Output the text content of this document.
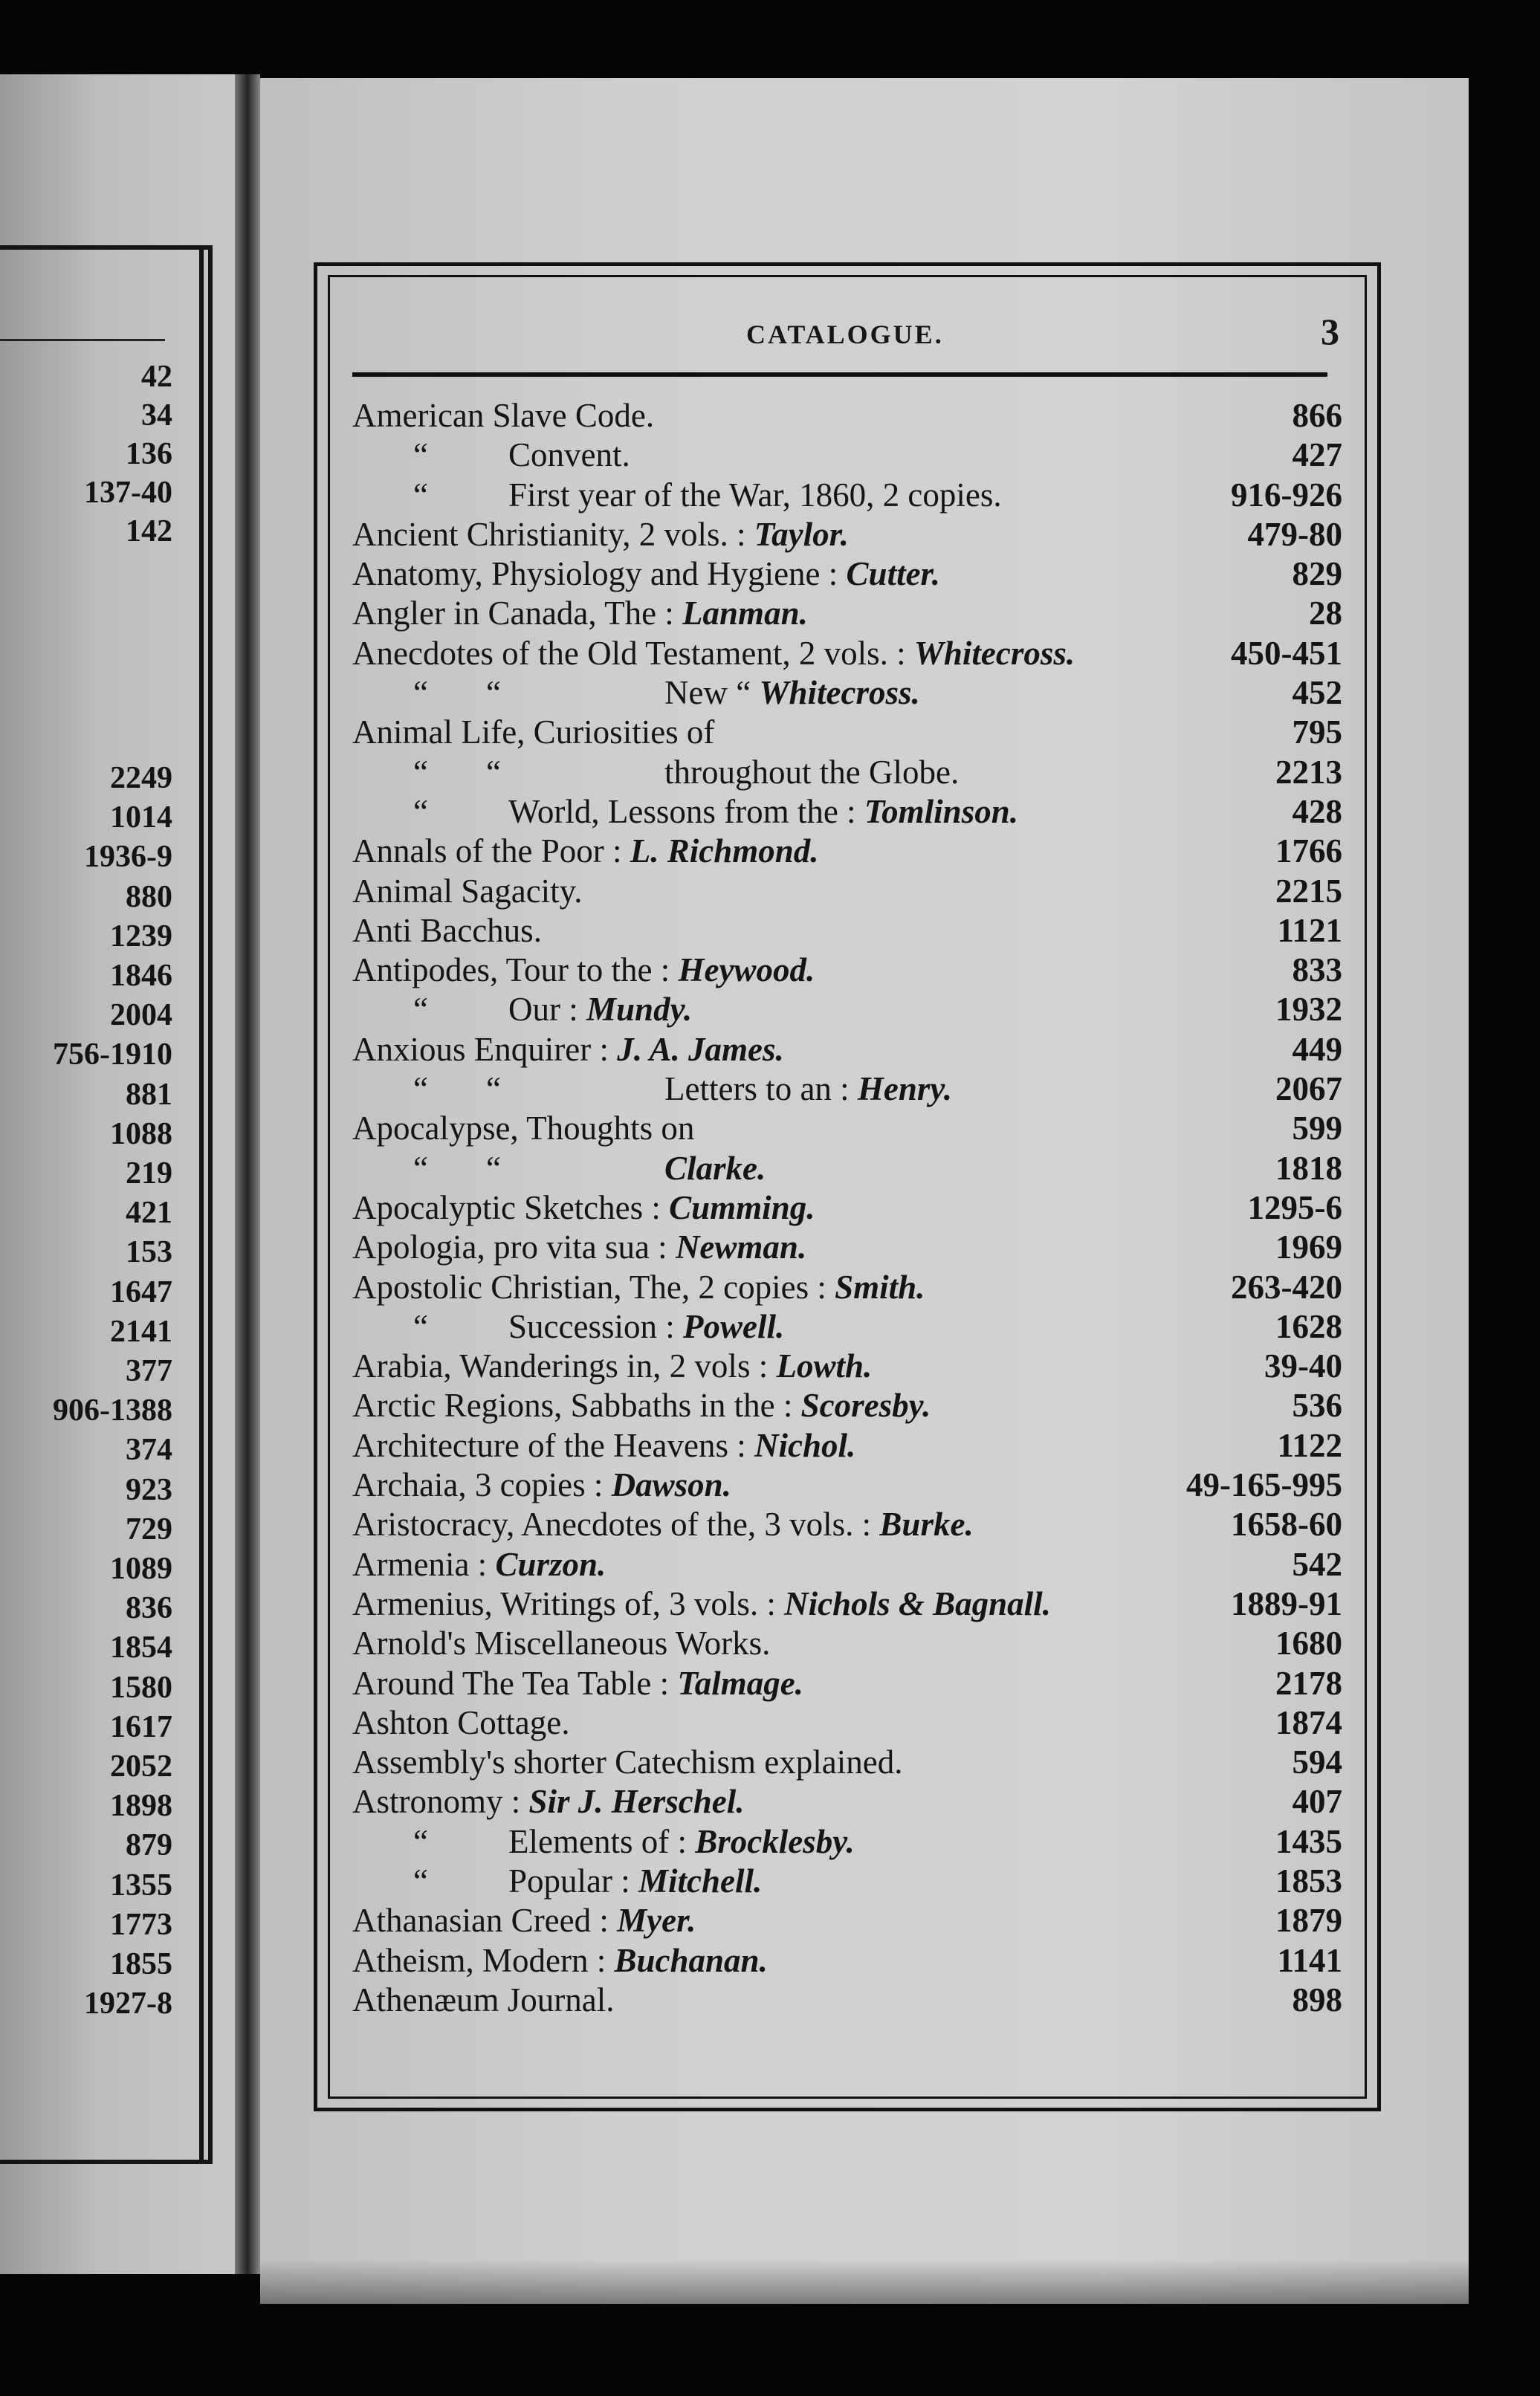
42
34
136
137-40
142
2249
1014
1936-9
880
1239
1846
2004
756-1910
881
1088
219
421
153
1647
2141
377
906-1388
374
923
729
1089
836
1854
1580
1617
2052
1898
879
1355
1773
1855
1927-8
CATALOGUE.	3
American Slave Code.	866
“ Convent.	427
“ First year of the War, 1860, 2 copies.	916-926
Ancient Christianity, 2 vols. : Taylor.	479-80
Anatomy, Physiology and Hygiene : Cutter.	829
Angler in Canada, The : Lanman.	28
Anecdotes of the Old Testament, 2 vols. : Whitecross.	450-451
“ “	New “ Whitecross.	452
Animal Life, Curiosities of	795
“ “	throughout the Globe.	2213
“ World, Lessons from the : Tomlinson.	428
Annals of the Poor : L. Richmond.	1766
Animal Sagacity.	2215
Anti Bacchus.	1121
Antipodes, Tour to the : Heywood.	833
“ Our : Mundy.	1932
Anxious Enquirer : J. A. James.	449
“ “	Letters to an : Henry.	2067
Apocalypse, Thoughts on	599
“ “	Clarke.	1818
Apocalyptic Sketches : Cumming.	1295-6
Apologia, pro vita sua : Newman.	1969
Apostolic Christian, The, 2 copies : Smith.	263-420
“ Succession : Powell.	1628
Arabia, Wanderings in, 2 vols : Lowth.	39-40
Arctic Regions, Sabbaths in the : Scoresby.	536
Architecture of the Heavens : Nichol.	1122
Archaia, 3 copies : Dawson.	49-165-995
Aristocracy, Anecdotes of the, 3 vols. : Burke.	1658-60
Armenia : Curzon.	542
Armenius, Writings of, 3 vols. : Nichols & Bagnall.	1889-91
Arnold's Miscellaneous Works.	1680
Around The Tea Table : Talmage.	2178
Ashton Cottage.	1874
Assembly's shorter Catechism explained.	594
Astronomy : Sir J. Herschel.	407
“ Elements of : Brocklesby.	1435
“ Popular : Mitchell.	1853
Athanasian Creed : Myer.	1879
Atheism, Modern : Buchanan.	1141
Athenæum Journal.	898
